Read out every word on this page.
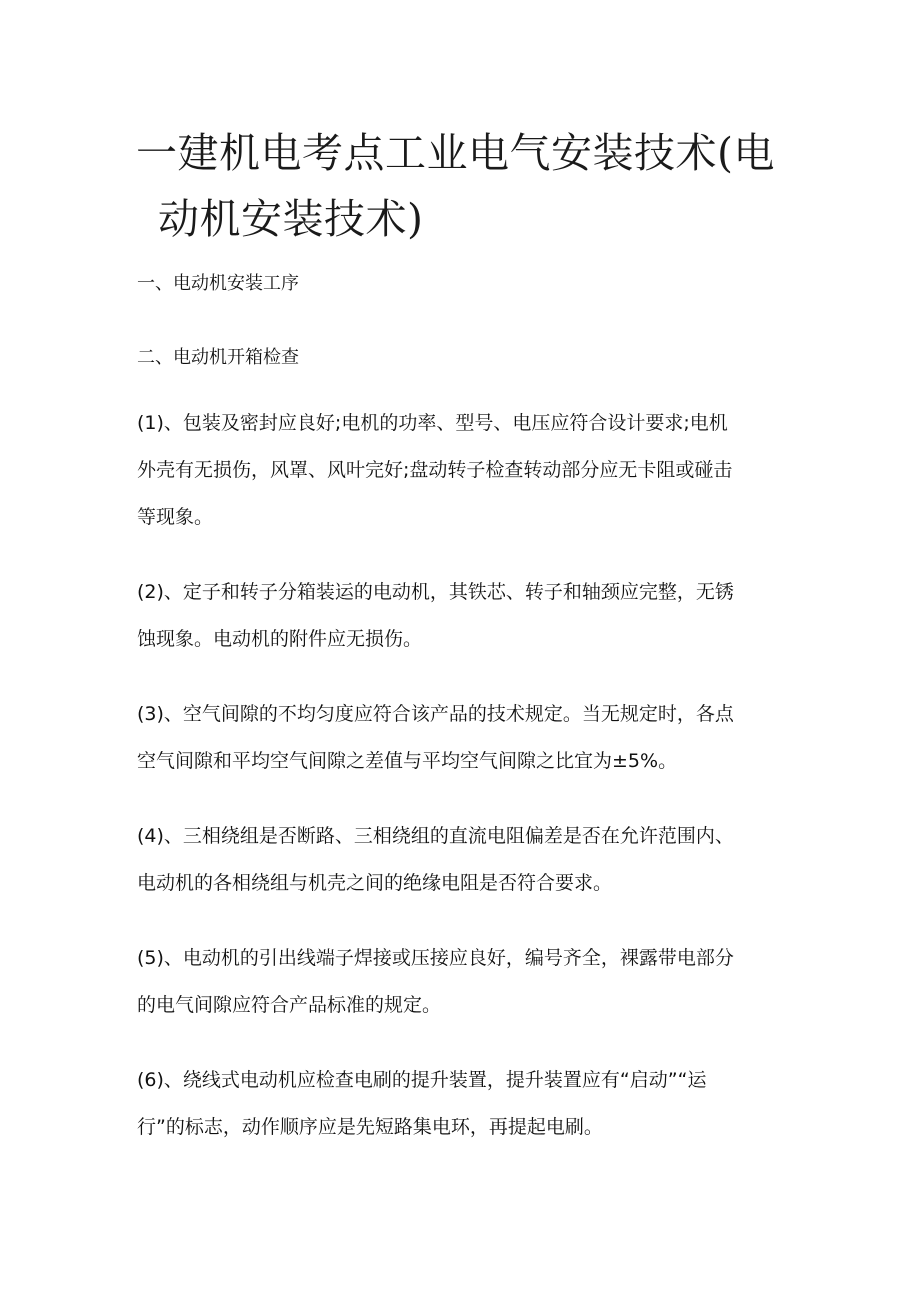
一建机电考点工业电气安装技术(电
动机安装技术)

一、电动机安装工序

二、电动机开箱检查

(1)、包装及密封应良好;电机的功率、型号、电压应符合设计要求;电机
外壳有无损伤，风罩、风叶完好;盘动转子检查转动部分应无卡阻或碰击
等现象。

(2)、定子和转子分箱装运的电动机，其铁芯、转子和轴颈应完整，无锈
蚀现象。电动机的附件应无损伤。

(3)、空气间隙的不均匀度应符合该产品的技术规定。当无规定时，各点
空气间隙和平均空气间隙之差值与平均空气间隙之比宜为±5%。

(4)、三相绕组是否断路、三相绕组的直流电阻偏差是否在允许范围内、
电动机的各相绕组与机壳之间的绝缘电阻是否符合要求。

(5)、电动机的引出线端子焊接或压接应良好，编号齐全，裸露带电部分
的电气间隙应符合产品标准的规定。

(6)、绕线式电动机应检查电刷的提升装置，提升装置应有“启动”“运
行”的标志，动作顺序应是先短路集电环，再提起电刷。
